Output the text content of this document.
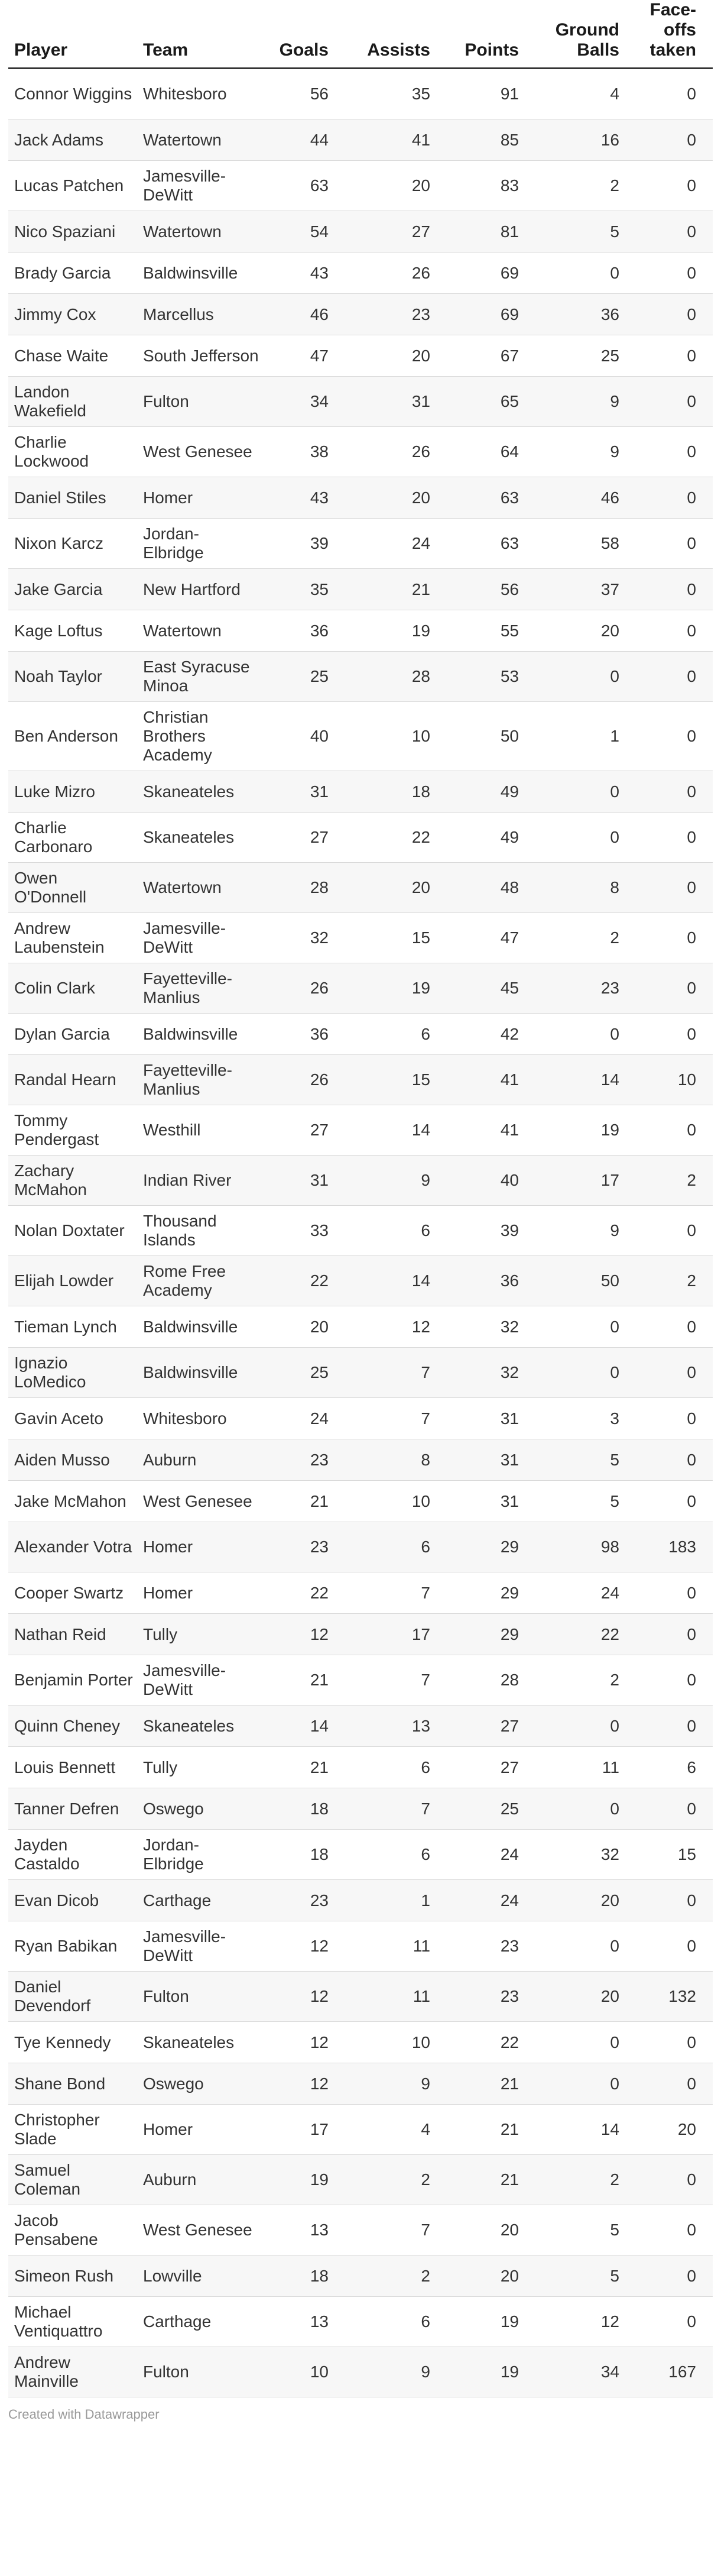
Player	Team	Goals	Assists	Points	Ground Balls	Face-offs taken
Connor Wiggins	Whitesboro	56	35	91	4	0
Jack Adams	Watertown	44	41	85	16	0
Lucas Patchen	Jamesville-DeWitt	63	20	83	2	0
Nico Spaziani	Watertown	54	27	81	5	0
Brady Garcia	Baldwinsville	43	26	69	0	0
Jimmy Cox	Marcellus	46	23	69	36	0
Chase Waite	South Jefferson	47	20	67	25	0
Landon Wakefield	Fulton	34	31	65	9	0
Charlie Lockwood	West Genesee	38	26	64	9	0
Daniel Stiles	Homer	43	20	63	46	0
Nixon Karcz	Jordan-Elbridge	39	24	63	58	0
Jake Garcia	New Hartford	35	21	56	37	0
Kage Loftus	Watertown	36	19	55	20	0
Noah Taylor	East Syracuse Minoa	25	28	53	0	0
Ben Anderson	Christian Brothers Academy	40	10	50	1	0
Luke Mizro	Skaneateles	31	18	49	0	0
Charlie Carbonaro	Skaneateles	27	22	49	0	0
Owen O'Donnell	Watertown	28	20	48	8	0
Andrew Laubenstein	Jamesville-DeWitt	32	15	47	2	0
Colin Clark	Fayetteville-Manlius	26	19	45	23	0
Dylan Garcia	Baldwinsville	36	6	42	0	0
Randal Hearn	Fayetteville-Manlius	26	15	41	14	10
Tommy Pendergast	Westhill	27	14	41	19	0
Zachary McMahon	Indian River	31	9	40	17	2
Nolan Doxtater	Thousand Islands	33	6	39	9	0
Elijah Lowder	Rome Free Academy	22	14	36	50	2
Tieman Lynch	Baldwinsville	20	12	32	0	0
Ignazio LoMedico	Baldwinsville	25	7	32	0	0
Gavin Aceto	Whitesboro	24	7	31	3	0
Aiden Musso	Auburn	23	8	31	5	0
Jake McMahon	West Genesee	21	10	31	5	0
Alexander Votra	Homer	23	6	29	98	183
Cooper Swartz	Homer	22	7	29	24	0
Nathan Reid	Tully	12	17	29	22	0
Benjamin Porter	Jamesville-DeWitt	21	7	28	2	0
Quinn Cheney	Skaneateles	14	13	27	0	0
Louis Bennett	Tully	21	6	27	11	6
Tanner Defren	Oswego	18	7	25	0	0
Jayden Castaldo	Jordan-Elbridge	18	6	24	32	15
Evan Dicob	Carthage	23	1	24	20	0
Ryan Babikan	Jamesville-DeWitt	12	11	23	0	0
Daniel Devendorf	Fulton	12	11	23	20	132
Tye Kennedy	Skaneateles	12	10	22	0	0
Shane Bond	Oswego	12	9	21	0	0
Christopher Slade	Homer	17	4	21	14	20
Samuel Coleman	Auburn	19	2	21	2	0
Jacob Pensabene	West Genesee	13	7	20	5	0
Simeon Rush	Lowville	18	2	20	5	0
Michael Ventiquattro	Carthage	13	6	19	12	0
Andrew Mainville	Fulton	10	9	19	34	167
Created with Datawrapper
